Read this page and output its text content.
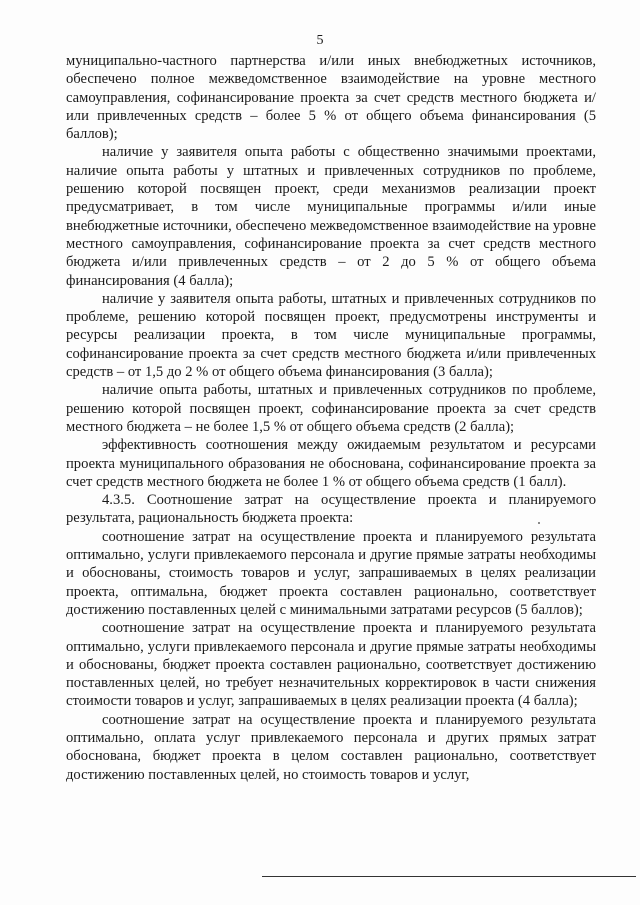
5

муниципально-частного партнерства и/или иных внебюджетных источников, обеспечено полное межведомственное взаимодействие на уровне местного самоуправления, софинансирование проекта за счет средств местного бюджета и/или привлеченных средств – более 5 % от общего объема финансирования (5 баллов);

наличие у заявителя опыта работы с общественно значимыми проектами, наличие опыта работы у штатных и привлеченных сотрудников по проблеме, решению которой посвящен проект, среди механизмов реализации проект предусматривает, в том числе муниципальные программы и/или иные внебюджетные источники, обеспечено межведомственное взаимодействие на уровне местного самоуправления, софинансирование проекта за счет средств местного бюджета и/или привлеченных средств – от 2 до 5 % от общего объема финансирования (4 балла);

наличие у заявителя опыта работы, штатных и привлеченных сотрудников по проблеме, решению которой посвящен проект, предусмотрены инструменты и ресурсы реализации проекта, в том числе муниципальные программы, софинансирование проекта за счет средств местного бюджета и/или привлеченных средств – от 1,5 до 2 % от общего объема финансирования (3 балла);

наличие опыта работы, штатных и привлеченных сотрудников по проблеме, решению которой посвящен проект, софинансирование проекта за счет средств местного бюджета – не более 1,5 % от общего объема средств (2 балла);

эффективность соотношения между ожидаемым результатом и ресурсами проекта муниципального образования не обоснована, софинансирование проекта за счет средств местного бюджета не более 1 % от общего объема средств (1 балл).

4.3.5. Соотношение затрат на осуществление проекта и планируемого результата, рациональность бюджета проекта:

соотношение затрат на осуществление проекта и планируемого результата оптимально, услуги привлекаемого персонала и другие прямые затраты необходимы и обоснованы, стоимость товаров и услуг, запрашиваемых в целях реализации проекта, оптимальна, бюджет проекта составлен рационально, соответствует достижению поставленных целей с минимальными затратами ресурсов (5 баллов);

соотношение затрат на осуществление проекта и планируемого результата оптимально, услуги привлекаемого персонала и другие прямые затраты необходимы и обоснованы, бюджет проекта составлен рационально, соответствует достижению поставленных целей, но требует незначительных корректировок в части снижения стоимости товаров и услуг, запрашиваемых в целях реализации проекта (4 балла);

соотношение затрат на осуществление проекта и планируемого результата оптимально, оплата услуг привлекаемого персонала и других прямых затрат обоснована, бюджет проекта в целом составлен рационально, соответствует достижению поставленных целей, но стоимость товаров и услуг,
